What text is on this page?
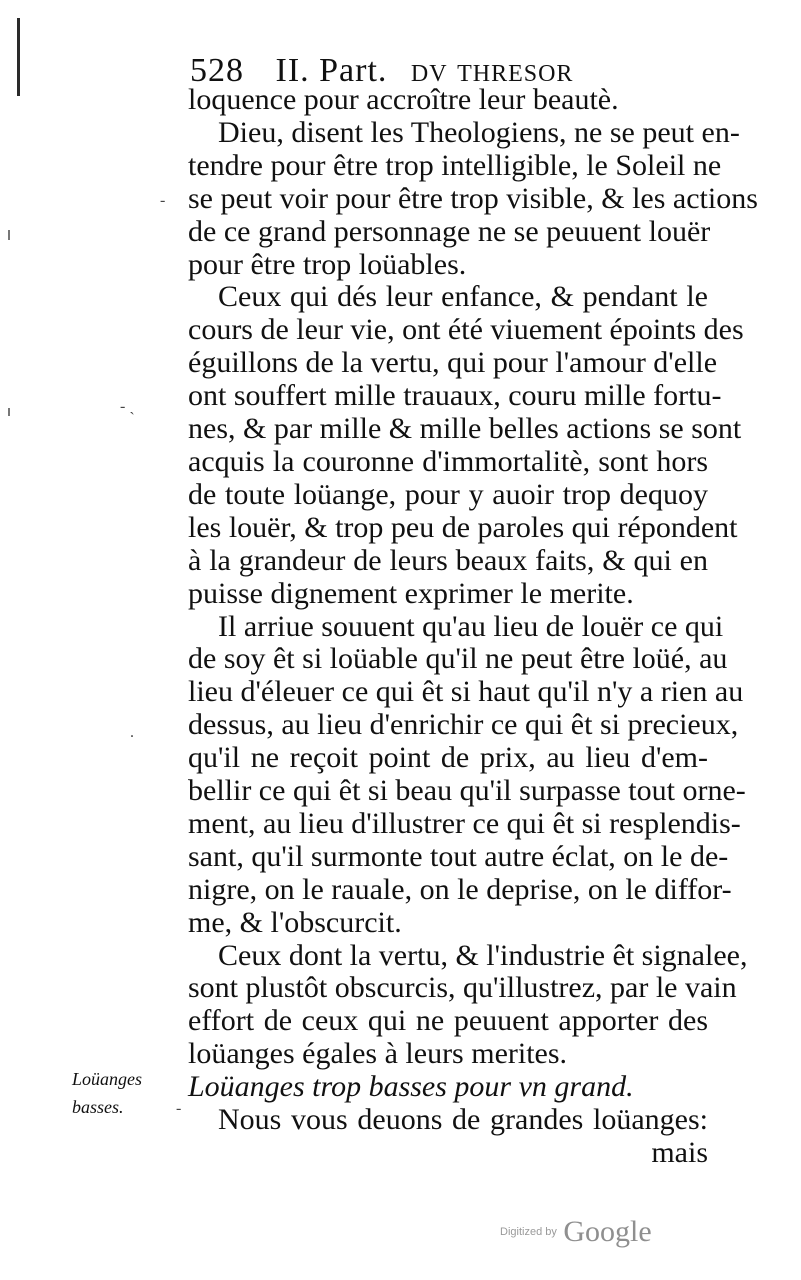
528 II. Part. dv thresor
loquence pour accroître leur beautè.
Dieu, disent les Theologiens, ne se peut en-
tendre pour être trop intelligible, le Soleil ne
se peut voir pour être trop visible, & les actions
de ce grand personnage ne se peuuent louër
pour être trop loüables.
Ceux qui dés leur enfance, & pendant le
cours de leur vie, ont été viuement époints des
éguillons de la vertu, qui pour l'amour d'elle
ont souffert mille trauaux, couru mille fortu-
nes, & par mille & mille belles actions se sont
acquis la couronne d'immortalitè, sont hors
de toute loüange, pour y auoir trop dequoy
les louër, & trop peu de paroles qui répondent
à la grandeur de leurs beaux faits, & qui en
puisse dignement exprimer le merite.
Il arriue souuent qu'au lieu de louër ce qui
de soy êt si loüable qu'il ne peut être loüé, au
lieu d'éleuer ce qui êt si haut qu'il n'y a rien au
dessus, au lieu d'enrichir ce qui êt si precieux,
qu'il ne reçoit point de prix, au lieu d'em-
bellir ce qui êt si beau qu'il surpasse tout orne-
ment, au lieu d'illustrer ce qui êt si resplendis-
sant, qu'il surmonte tout autre éclat, on le de-
nigre, on le rauale, on le deprise, on le diffor-
me, & l'obscurcit.
Ceux dont la vertu, & l'industrie êt signalee,
sont plustôt obscurcis, qu'illustrez, par le vain
effort de ceux qui ne peuuent apporter des
loüanges égales à leurs merites.
Loüanges trop basses pour vn grand.
Nous vous deuons de grandes loüanges:
mais
Loüanges
basses.
-
- ˏ
.
-
Digitized by Google
